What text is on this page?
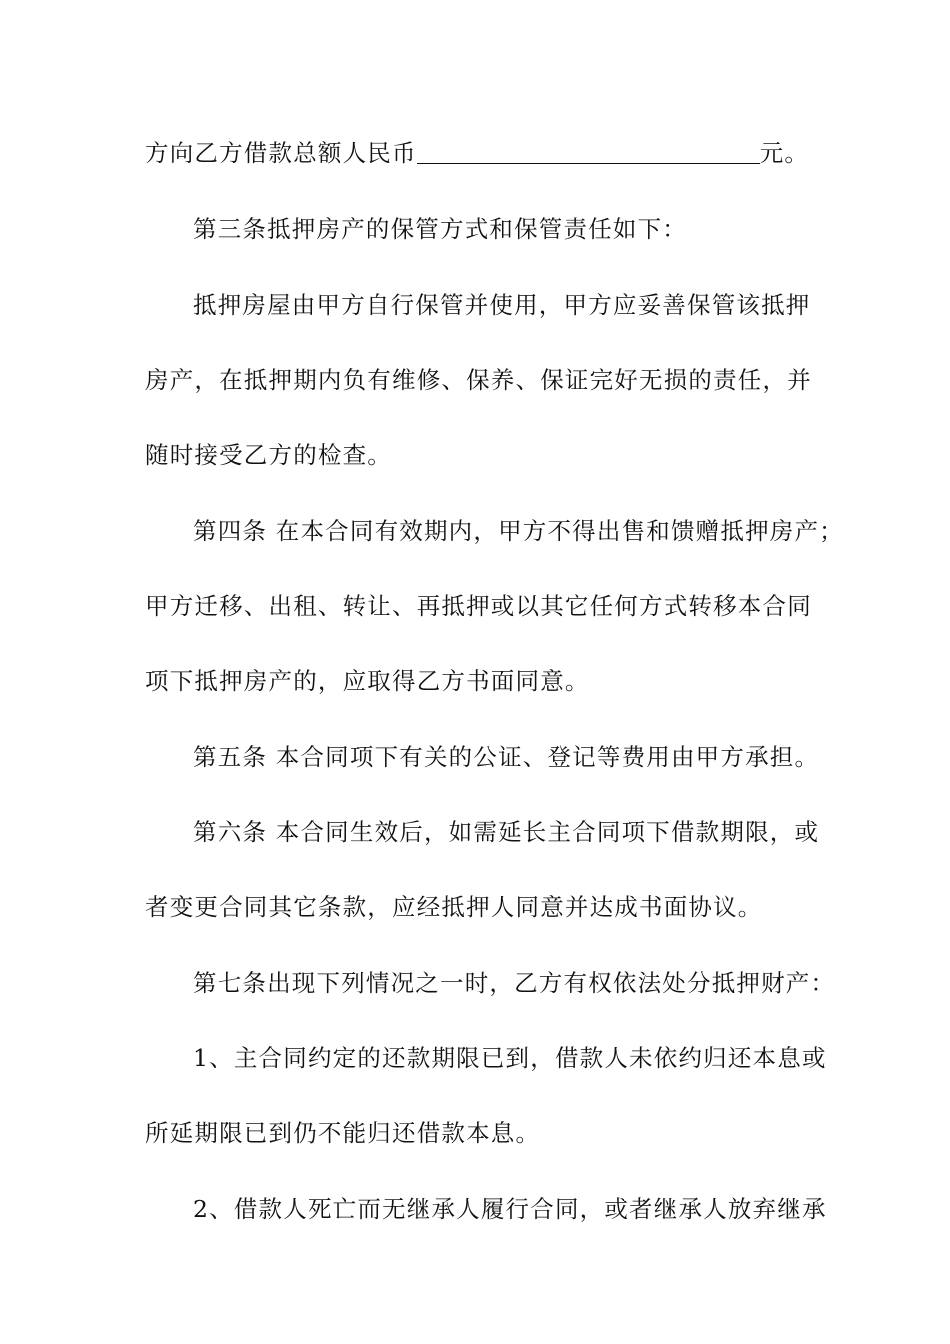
方向乙方借款总额人民币	元。
第三条抵押房产的保管方式和保管责任如下：
抵押房屋由甲方自行保管并使用，甲方应妥善保管该抵押
房产，在抵押期内负有维修、保养、保证完好无损的责任，并
随时接受乙方的检查。
第四条 在本合同有效期内，甲方不得出售和馈赠抵押房产；
甲方迁移、出租、转让、再抵押或以其它任何方式转移本合同
项下抵押房产的，应取得乙方书面同意。
第五条 本合同项下有关的公证、登记等费用由甲方承担。
第六条 本合同生效后，如需延长主合同项下借款期限，或
者变更合同其它条款，应经抵押人同意并达成书面协议。
第七条出现下列情况之一时，乙方有权依法处分抵押财产：
1、主合同约定的还款期限已到，借款人未依约归还本息或
所延期限已到仍不能归还借款本息。
2、借款人死亡而无继承人履行合同，或者继承人放弃继承
